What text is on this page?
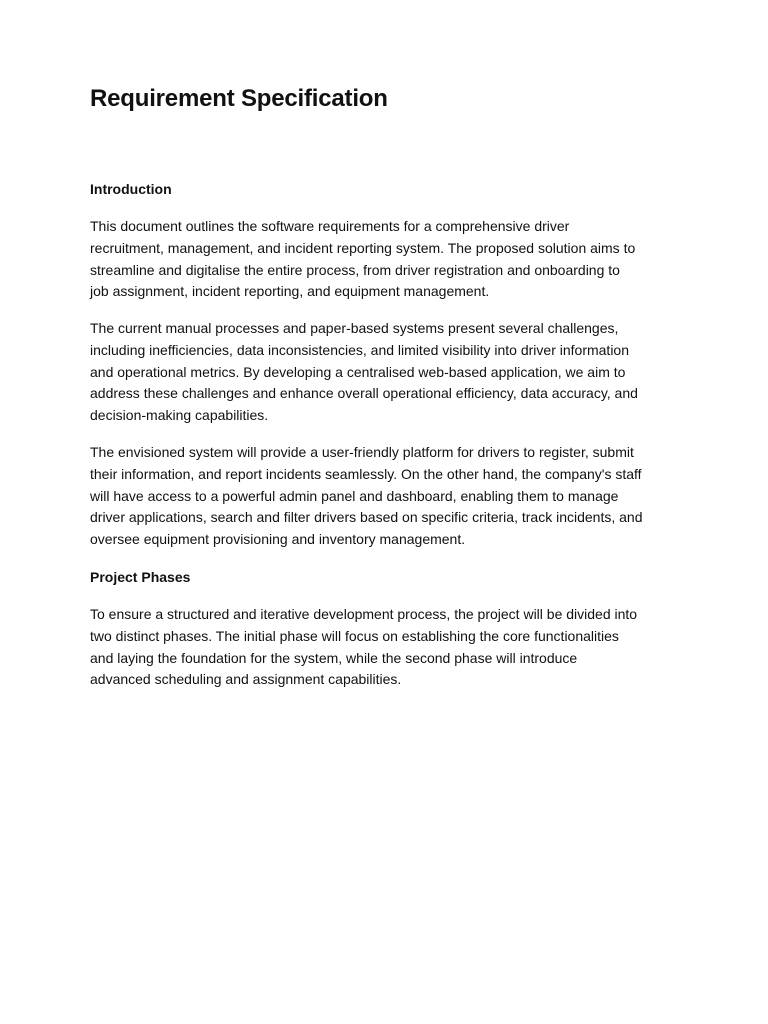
Requirement Specification
Introduction

This document outlines the software requirements for a comprehensive driver
recruitment, management, and incident reporting system. The proposed solution aims to
streamline and digitalise the entire process, from driver registration and onboarding to
job assignment, incident reporting, and equipment management.

The current manual processes and paper-based systems present several challenges,
including inefficiencies, data inconsistencies, and limited visibility into driver information
and operational metrics. By developing a centralised web-based application, we aim to
address these challenges and enhance overall operational efficiency, data accuracy, and
decision-making capabilities.

The envisioned system will provide a user-friendly platform for drivers to register, submit
their information, and report incidents seamlessly. On the other hand, the company's staff
will have access to a powerful admin panel and dashboard, enabling them to manage
driver applications, search and filter drivers based on specific criteria, track incidents, and
oversee equipment provisioning and inventory management.

Project Phases

To ensure a structured and iterative development process, the project will be divided into
two distinct phases. The initial phase will focus on establishing the core functionalities
and laying the foundation for the system, while the second phase will introduce
advanced scheduling and assignment capabilities.
